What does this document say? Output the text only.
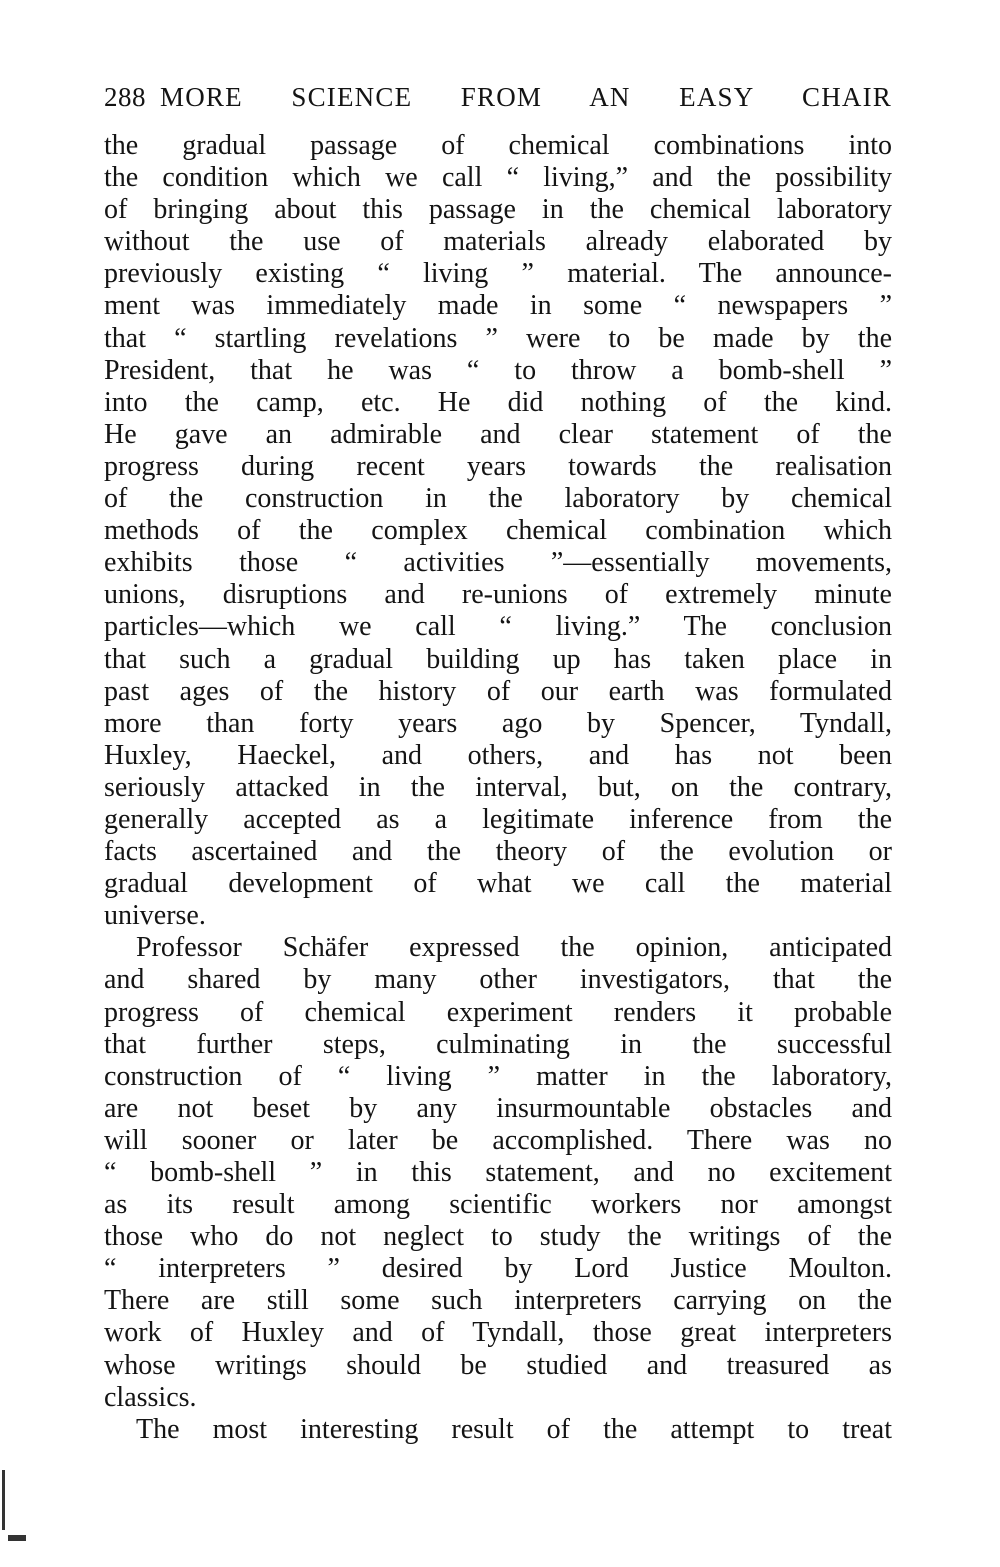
288 MORE SCIENCE FROM AN EASY CHAIR
the gradual passage of chemical combinations into
the condition which we call “ living,” and the possibility
of bringing about this passage in the chemical laboratory
without the use of materials already elaborated by
previously existing “ living ” material. The announce-
ment was immediately made in some “ newspapers ”
that “ startling revelations ” were to be made by the
President, that he was “ to throw a bomb-shell ”
into the camp, etc. He did nothing of the kind.
He gave an admirable and clear statement of the
progress during recent years towards the realisation
of the construction in the laboratory by chemical
methods of the complex chemical combination which
exhibits those “ activities ”—essentially movements,
unions, disruptions and re-unions of extremely minute
particles—which we call “ living.” The conclusion
that such a gradual building up has taken place in
past ages of the history of our earth was formulated
more than forty years ago by Spencer, Tyndall,
Huxley, Haeckel, and others, and has not been
seriously attacked in the interval, but, on the contrary,
generally accepted as a legitimate inference from the
facts ascertained and the theory of the evolution or
gradual development of what we call the material
universe.
Professor Schäfer expressed the opinion, anticipated
and shared by many other investigators, that the
progress of chemical experiment renders it probable
that further steps, culminating in the successful
construction of “ living ” matter in the laboratory,
are not beset by any insurmountable obstacles and
will sooner or later be accomplished. There was no
“ bomb-shell ” in this statement, and no excitement
as its result among scientific workers nor amongst
those who do not neglect to study the writings of the
“ interpreters ” desired by Lord Justice Moulton.
There are still some such interpreters carrying on the
work of Huxley and of Tyndall, those great interpreters
whose writings should be studied and treasured as
classics.
The most interesting result of the attempt to treat
